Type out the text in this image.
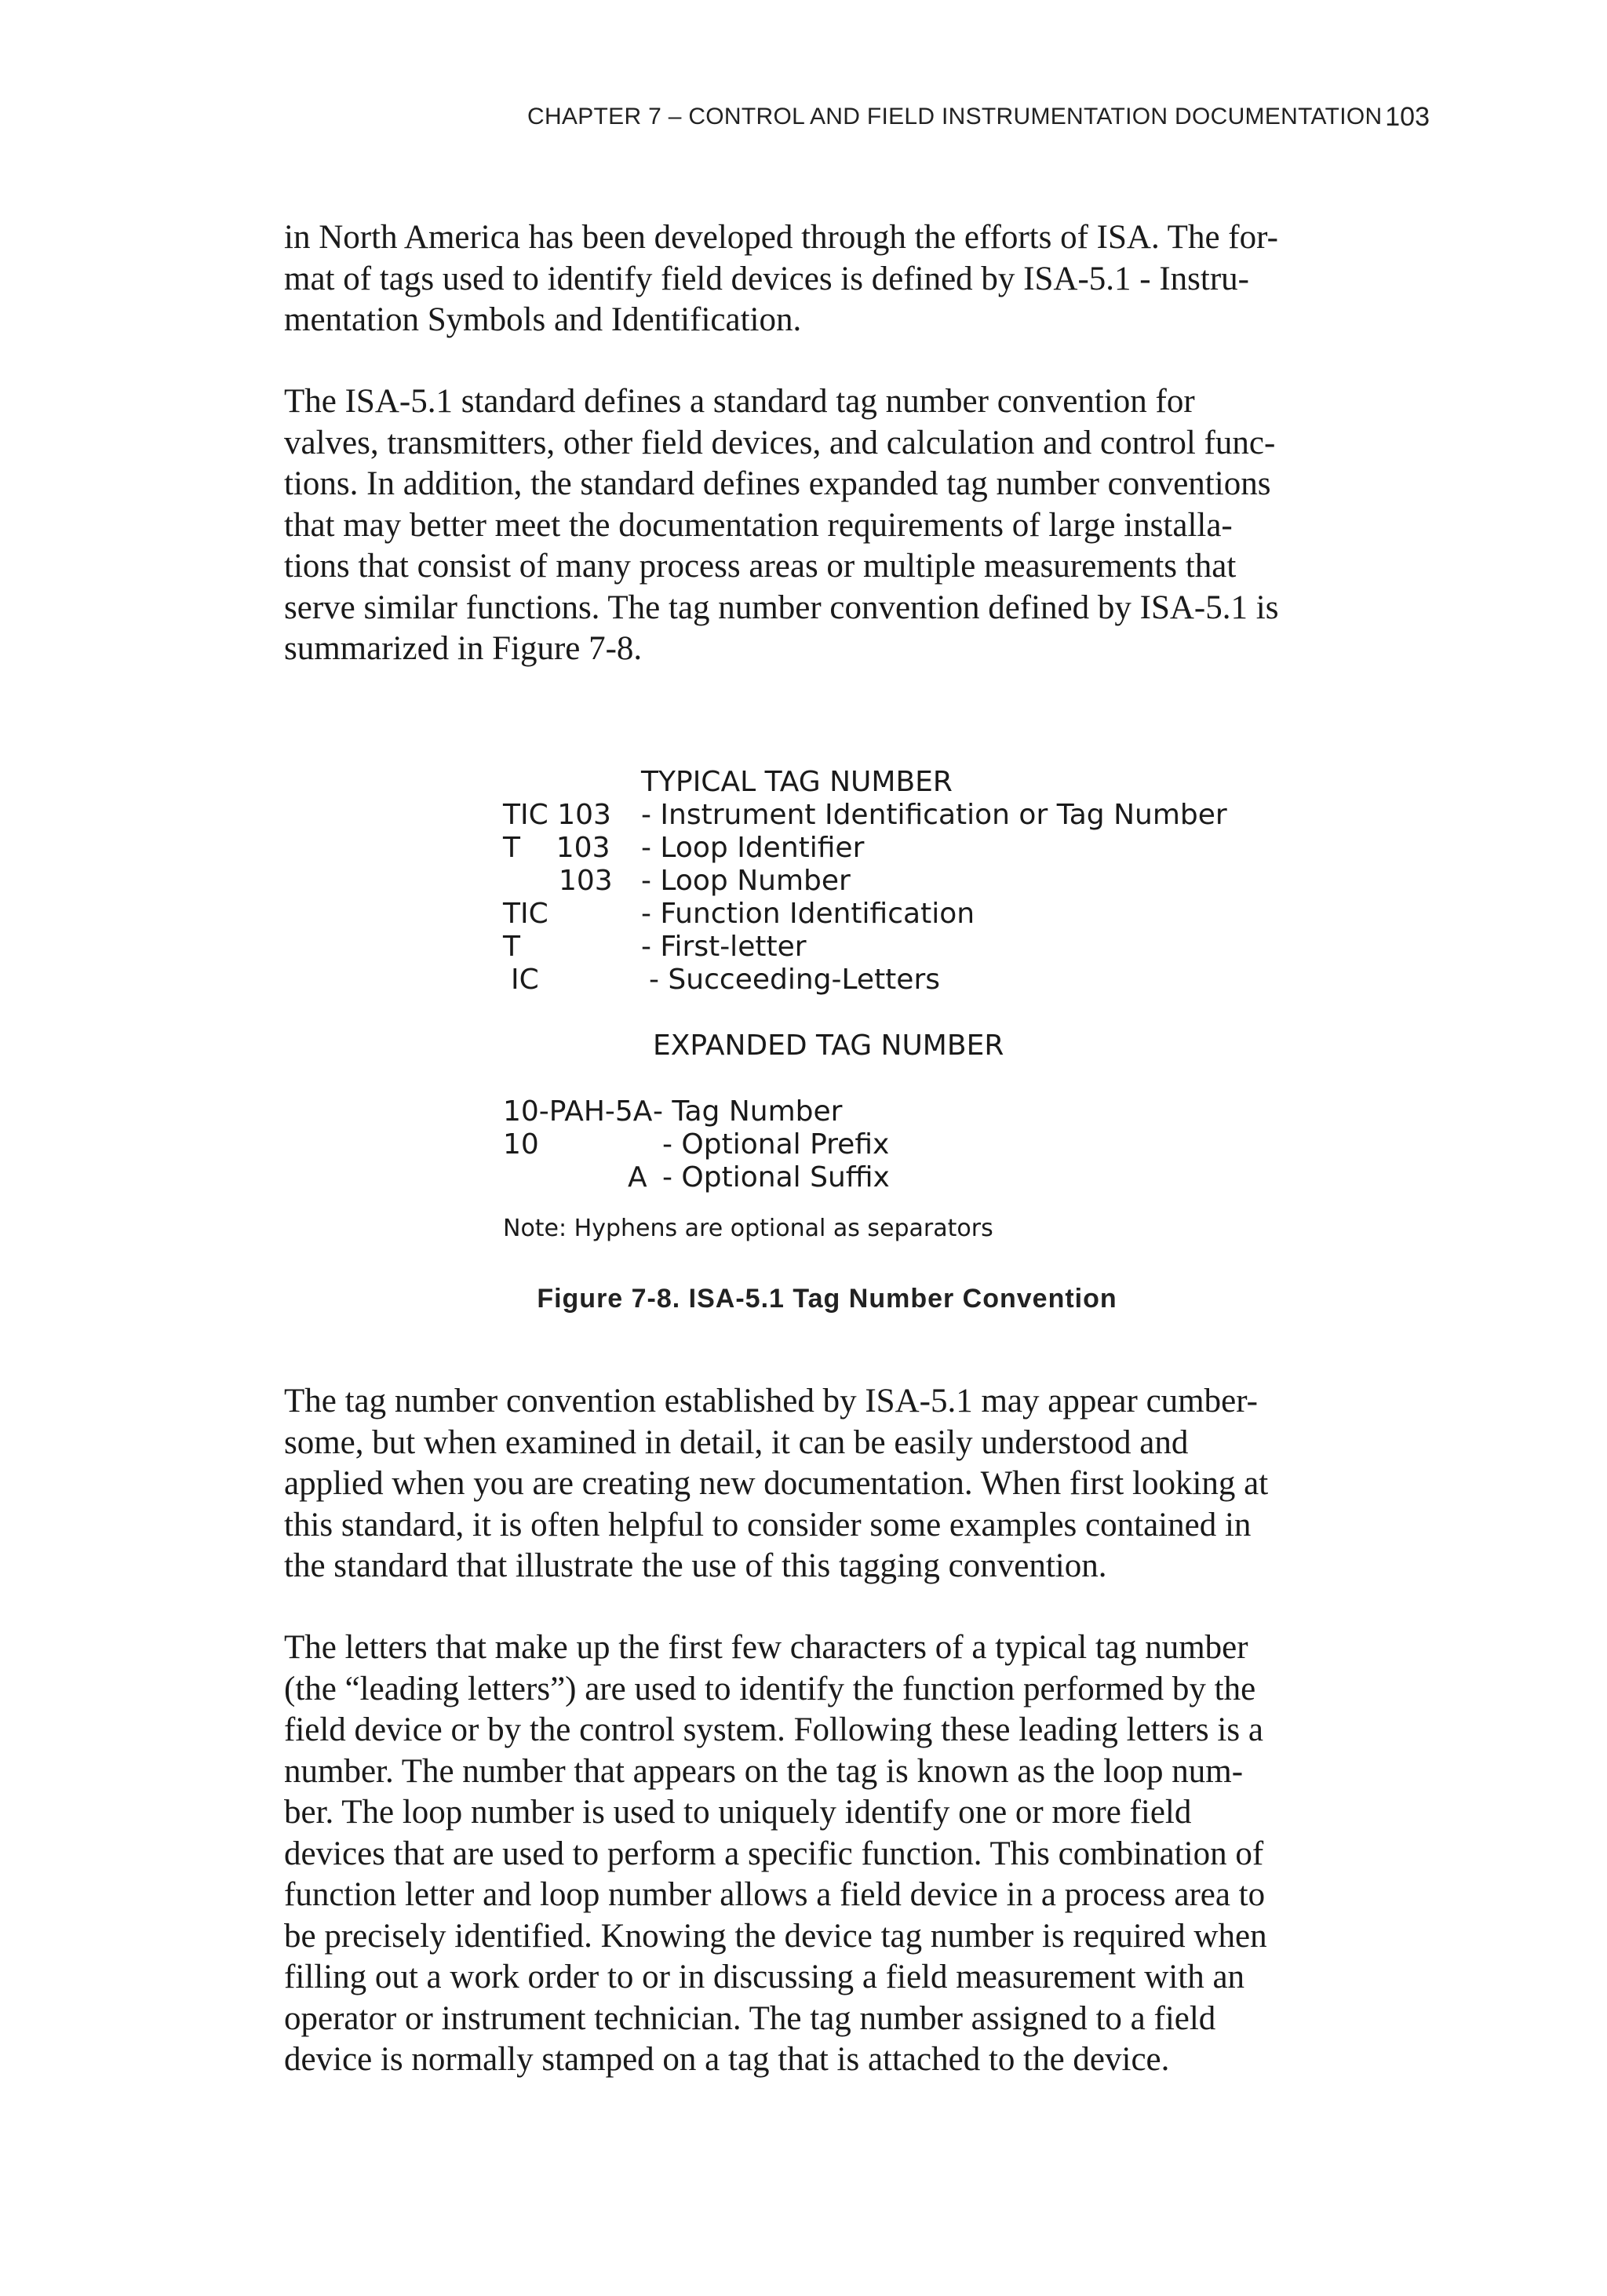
CHAPTER 7 – CONTROL AND FIELD INSTRUMENTATION DOCUMENTATION 103
in North America has been developed through the efforts of ISA. The for-
mat of tags used to identify field devices is defined by ISA-5.1 - Instru-
mentation Symbols and Identification.
The ISA-5.1 standard defines a standard tag number convention for
valves, transmitters, other field devices, and calculation and control func-
tions. In addition, the standard defines expanded tag number conventions
that may better meet the documentation requirements of large installa-
tions that consist of many process areas or multiple measurements that
serve similar functions. The tag number convention defined by ISA-5.1 is
summarized in Figure 7-8.
TYPICAL TAG NUMBER
TIC 103 - Instrument Identification or Tag Number
T    103 - Loop Identifier
103 - Loop Number
TIC	- Function Identification
T	- First-letter
IC	- Succeeding-Letters
EXPANDED TAG NUMBER
10-PAH-5A - Tag Number
10	- Optional Prefix
A - Optional Suffix
Note: Hyphens are optional as separators
Figure 7-8. ISA-5.1 Tag Number Convention
The tag number convention established by ISA-5.1 may appear cumber-
some, but when examined in detail, it can be easily understood and
applied when you are creating new documentation. When first looking at
this standard, it is often helpful to consider some examples contained in
the standard that illustrate the use of this tagging convention.
The letters that make up the first few characters of a typical tag number
(the “leading letters”) are used to identify the function performed by the
field device or by the control system. Following these leading letters is a
number. The number that appears on the tag is known as the loop num-
ber. The loop number is used to uniquely identify one or more field
devices that are used to perform a specific function. This combination of
function letter and loop number allows a field device in a process area to
be precisely identified. Knowing the device tag number is required when
filling out a work order to or in discussing a field measurement with an
operator or instrument technician. The tag number assigned to a field
device is normally stamped on a tag that is attached to the device.
